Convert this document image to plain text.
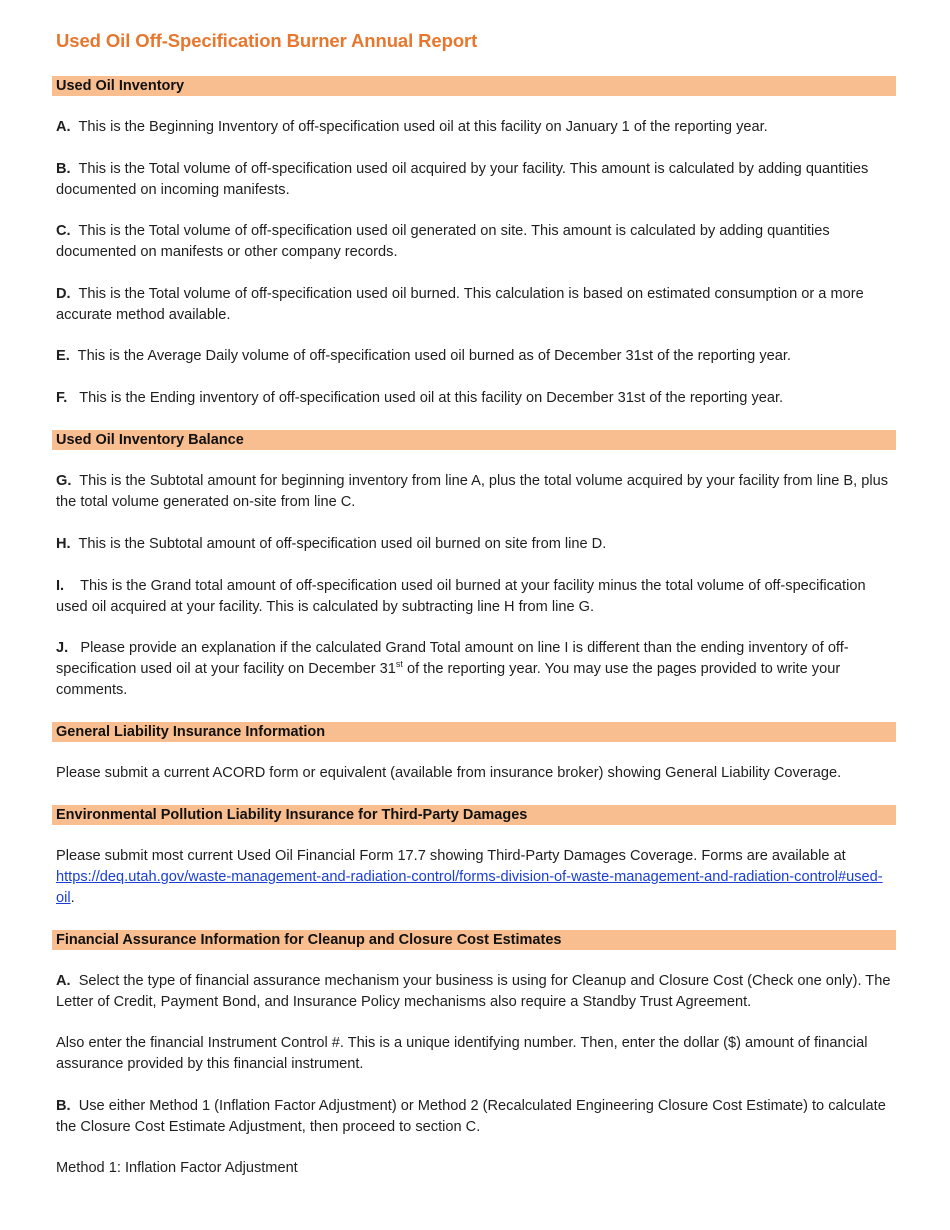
Used Oil Off-Specification Burner Annual Report
Used Oil Inventory
A. This is the Beginning Inventory of off-specification used oil at this facility on January 1 of the reporting year.
B. This is the Total volume of off-specification used oil acquired by your facility. This amount is calculated by adding quantities documented on incoming manifests.
C. This is the Total volume of off-specification used oil generated on site. This amount is calculated by adding quantities documented on manifests or other company records.
D. This is the Total volume of off-specification used oil burned. This calculation is based on estimated consumption or a more accurate method available.
E. This is the Average Daily volume of off-specification used oil burned as of December 31st of the reporting year.
F. This is the Ending inventory of off-specification used oil at this facility on December 31st of the reporting year.
Used Oil Inventory Balance
G. This is the Subtotal amount for beginning inventory from line A, plus the total volume acquired by your facility from line B, plus the total volume generated on-site from line C.
H. This is the Subtotal amount of off-specification used oil burned on site from line D.
I. This is the Grand total amount of off-specification used oil burned at your facility minus the total volume of off-specification used oil acquired at your facility. This is calculated by subtracting line H from line G.
J. Please provide an explanation if the calculated Grand Total amount on line I is different than the ending inventory of off-specification used oil at your facility on December 31st of the reporting year. You may use the pages provided to write your comments.
General Liability Insurance Information
Please submit a current ACORD form or equivalent (available from insurance broker) showing General Liability Coverage.
Environmental Pollution Liability Insurance for Third-Party Damages
Please submit most current Used Oil Financial Form 17.7 showing Third-Party Damages Coverage. Forms are available at https://deq.utah.gov/waste-management-and-radiation-control/forms-division-of-waste-management-and-radiation-control#used-oil.
Financial Assurance Information for Cleanup and Closure Cost Estimates
A. Select the type of financial assurance mechanism your business is using for Cleanup and Closure Cost (Check one only). The Letter of Credit, Payment Bond, and Insurance Policy mechanisms also require a Standby Trust Agreement.
Also enter the financial Instrument Control #. This is a unique identifying number. Then, enter the dollar ($) amount of financial assurance provided by this financial instrument.
B. Use either Method 1 (Inflation Factor Adjustment) or Method 2 (Recalculated Engineering Closure Cost Estimate) to calculate the Closure Cost Estimate Adjustment, then proceed to section C.
Method 1: Inflation Factor Adjustment
